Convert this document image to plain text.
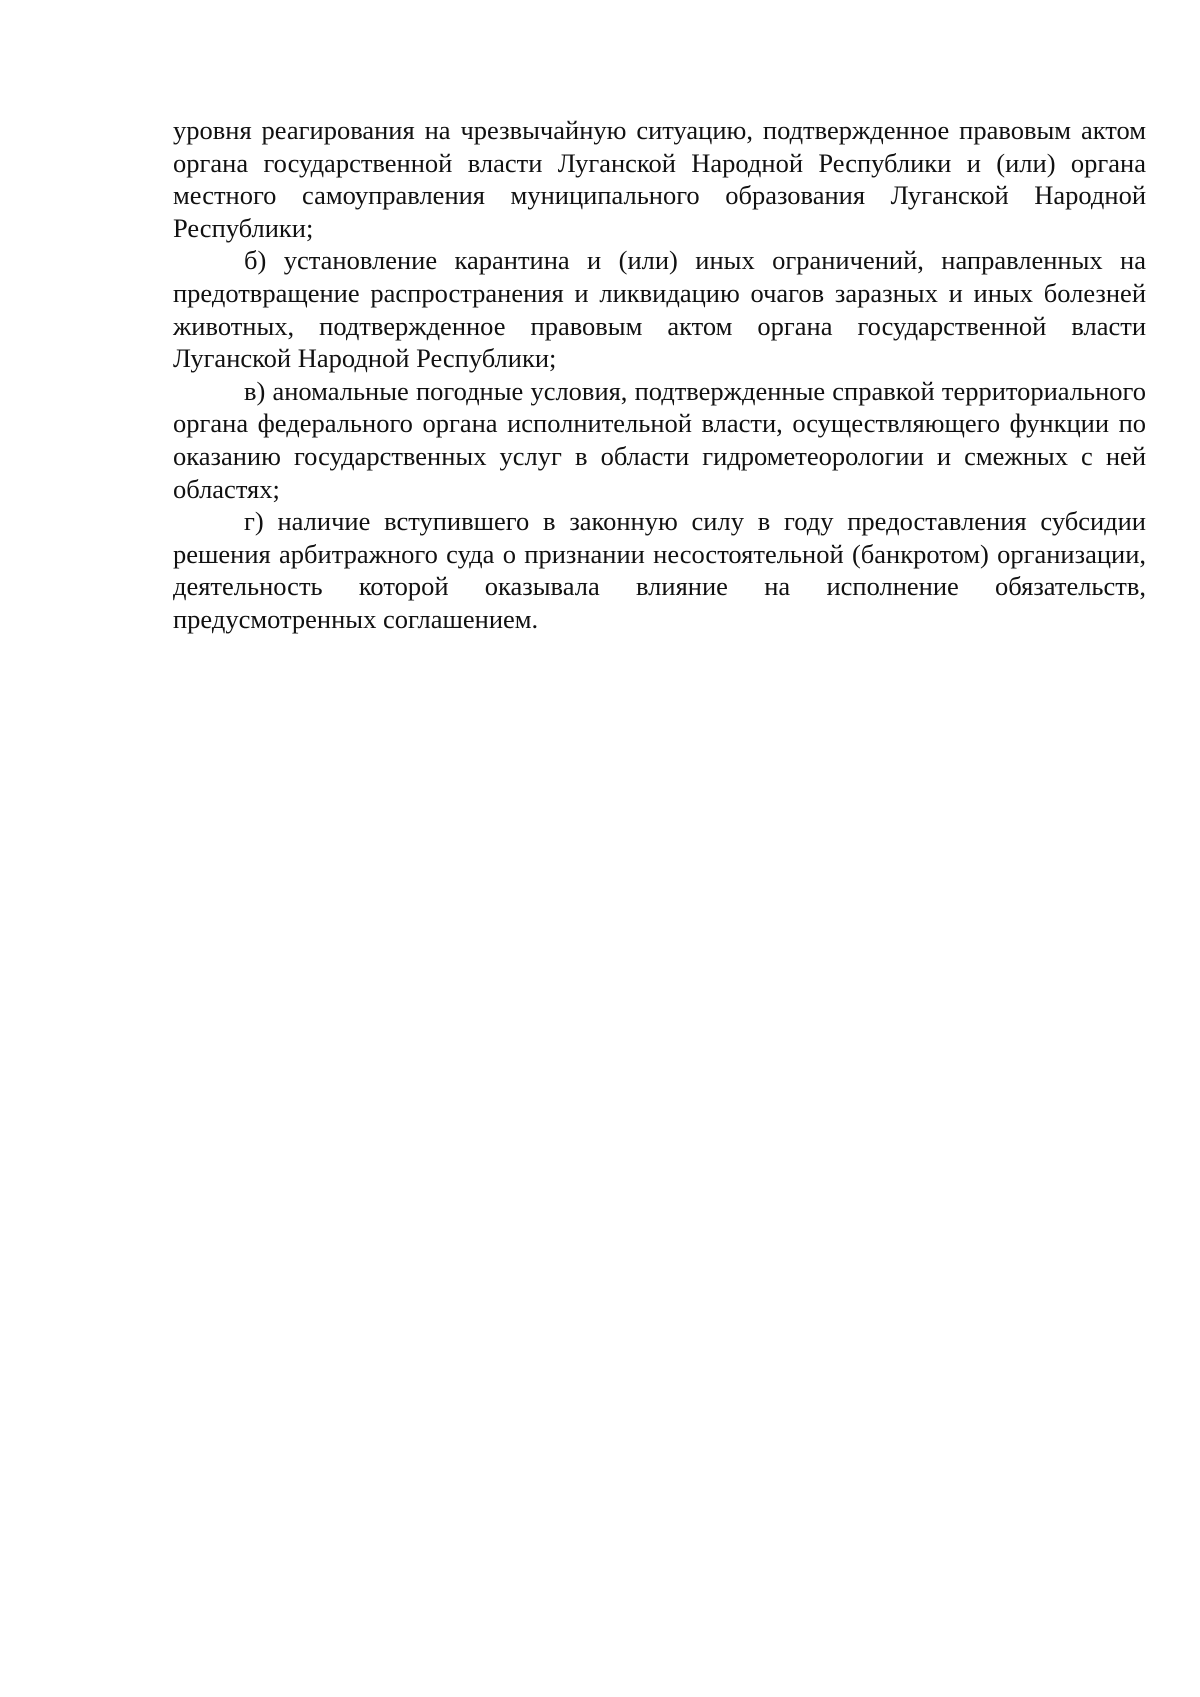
уровня реагирования на чрезвычайную ситуацию, подтвержденное правовым актом органа государственной власти Луганской Народной Республики и (или) органа местного самоуправления муниципального образования Луганской Народной Республики;

б) установление карантина и (или) иных ограничений, направленных на предотвращение распространения и ликвидацию очагов заразных и иных болезней животных, подтвержденное правовым актом органа государственной власти Луганской Народной Республики;

в) аномальные погодные условия, подтвержденные справкой территориального органа федерального органа исполнительной власти, осуществляющего функции по оказанию государственных услуг в области гидрометеорологии и смежных с ней областях;

г) наличие вступившего в законную силу в году предоставления субсидии решения арбитражного суда о признании несостоятельной (банкротом) организации, деятельность которой оказывала влияние на исполнение обязательств, предусмотренных соглашением.
